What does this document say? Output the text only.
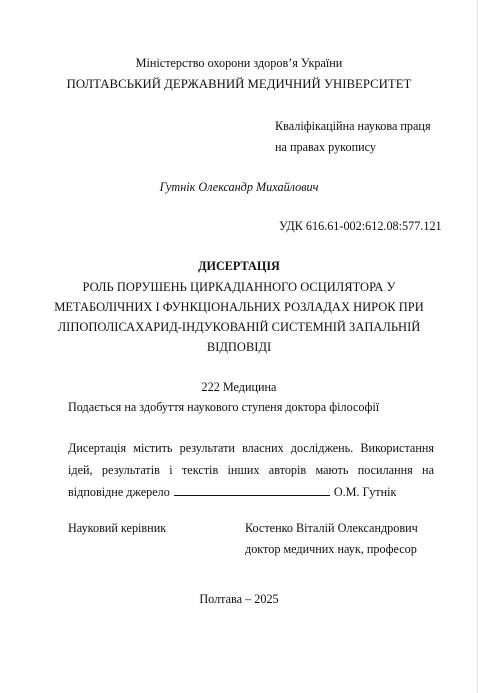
Міністерство охорони здоров’я України
ПОЛТАВСЬКИЙ ДЕРЖАВНИЙ МЕДИЧНИЙ УНІВЕРСИТЕТ
Кваліфікаційна наукова праця
на правах рукопису
Гутнік Олександр Михайлович
УДК 616.61-002:612.08:577.121
ДИСЕРТАЦІЯ
РОЛЬ ПОРУШЕНЬ ЦИРКАДІАННОГО ОСЦИЛЯТОРА У
МЕТАБОЛІЧНИХ І ФУНКЦІОНАЛЬНИХ РОЗЛАДАХ НИРОК ПРИ
ЛІПОПОЛІСАХАРИД-ІНДУКОВАНІЙ СИСТЕМНІЙ ЗАПАЛЬНІЙ
ВІДПОВІДІ
222 Медицина
Подається на здобуття наукового ступеня доктора філософії
Дисертація містить результати власних досліджень. Використання ідей, результатів і текстів інших авторів мають посилання на відповідне джерело	О.М. Гутнік
Науковий керівник	Костенко Віталій Олександрович
доктор медичних наук, професор
Полтава – 2025
